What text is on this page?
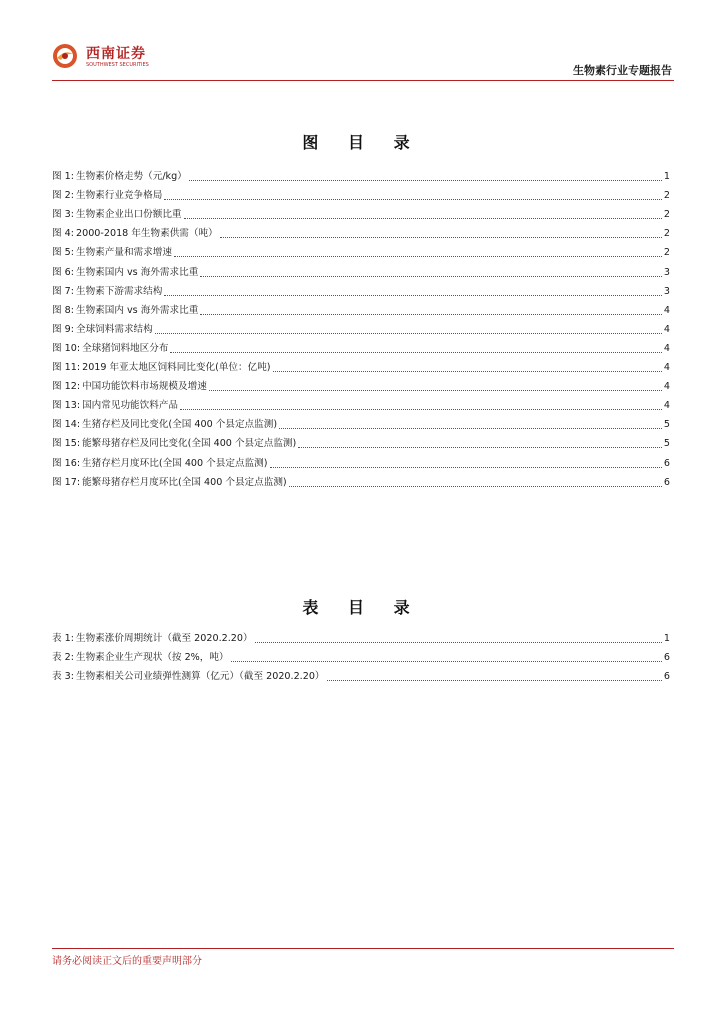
西南证券
SOUTHWEST SECURITIES	生物素行业专题报告
图 目 录
图 1: 生物素价格走势（元/kg）	1
图 2: 生物素行业竞争格局	2
图 3: 生物素企业出口份额比重	2
图 4: 2000-2018 年生物素供需（吨）	2
图 5: 生物素产量和需求增速	2
图 6: 生物素国内 vs 海外需求比重	3
图 7: 生物素下游需求结构	3
图 8: 生物素国内 vs 海外需求比重	4
图 9: 全球饲料需求结构	4
图 10: 全球猪饲料地区分布	4
图 11: 2019 年亚太地区饲料同比变化(单位：亿吨)	4
图 12: 中国功能饮料市场规模及增速	4
图 13: 国内常见功能饮料产品	4
图 14: 生猪存栏及同比变化(全国 400 个县定点监测)	5
图 15: 能繁母猪存栏及同比变化(全国 400 个县定点监测)	5
图 16: 生猪存栏月度环比(全国 400 个县定点监测)	6
图 17: 能繁母猪存栏月度环比(全国 400 个县定点监测)	6
表 目 录
表 1: 生物素涨价周期统计（截至 2020.2.20）	1
表 2: 生物素企业生产现状（按 2%，吨）	6
表 3: 生物素相关公司业绩弹性测算（亿元）（截至 2020.2.20）	6
请务必阅读正文后的重要声明部分
